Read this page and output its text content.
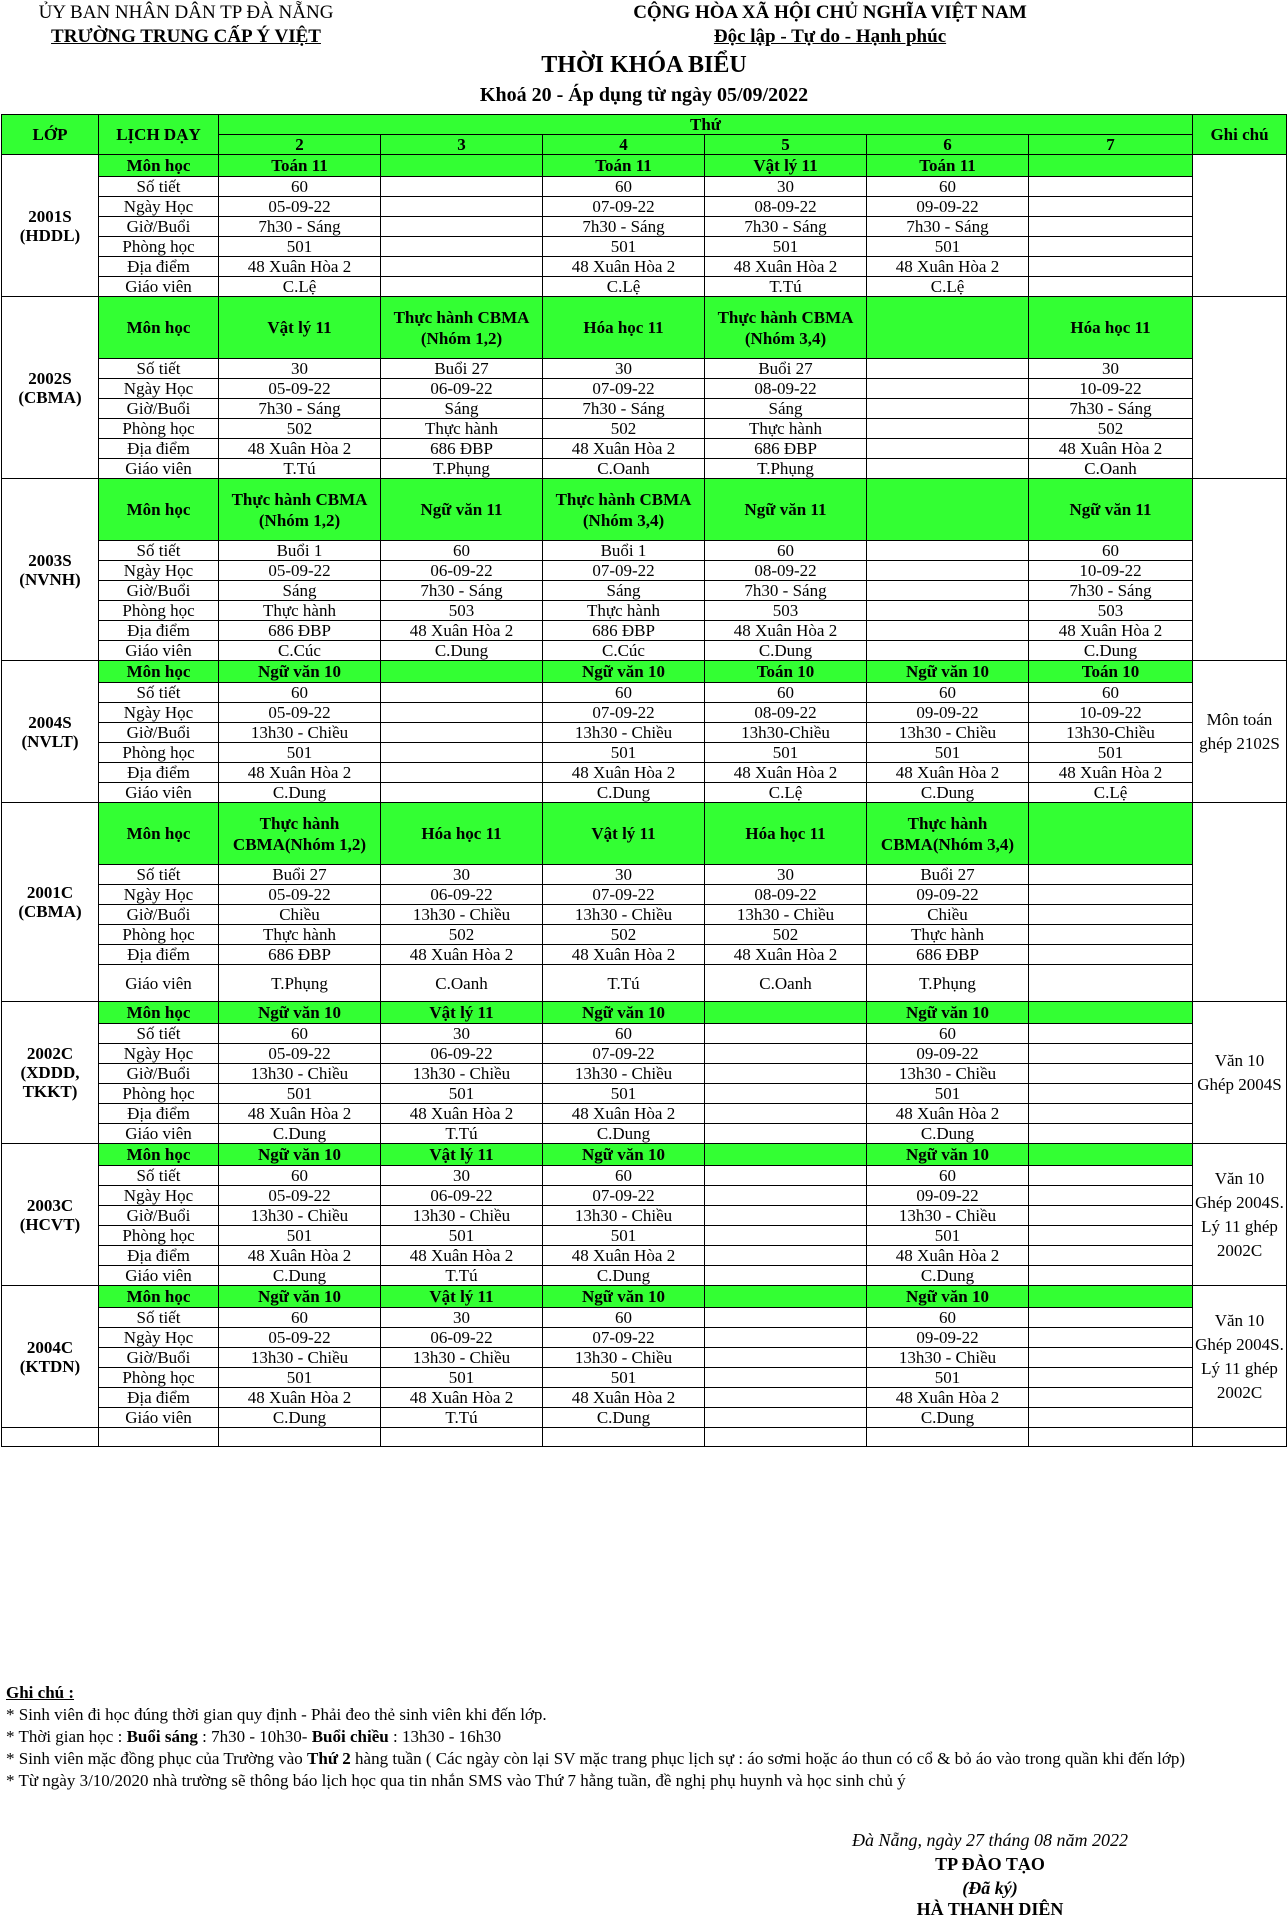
ỦY BAN NHÂN DÂN TP ĐÀ NẴNG
TRƯỜNG TRUNG CẤP Ý VIỆT
CỘNG HÒA XÃ HỘI CHỦ NGHĨA VIỆT NAM
Độc lập - Tự do - Hạnh phúc
THỜI KHÓA BIỂU
Khoá 20 - Áp dụng từ ngày 05/09/2022
LỚP	LỊCH DẠY	Thứ						Ghi chú
		2	3	4	5	6	7	
2001S (HDDL)	Môn học	Toán 11		Toán 11	Vật lý 11	Toán 11		
	Số tiết	60		60	30	60		
	Ngày Học	05-09-22		07-09-22	08-09-22	09-09-22		
	Giờ/Buổi	7h30 - Sáng		7h30 - Sáng	7h30 - Sáng	7h30 - Sáng		
	Phòng học	501		501	501	501		
	Địa điểm	48 Xuân Hòa 2		48 Xuân Hòa 2	48 Xuân Hòa 2	48 Xuân Hòa 2		
	Giáo viên	C.Lệ		C.Lệ	T.Tú	C.Lệ		
2002S (CBMA)	Môn học	Vật lý 11	Thực hành CBMA (Nhóm 1,2)	Hóa học 11	Thực hành CBMA (Nhóm 3,4)		Hóa học 11	
	Số tiết	30	Buổi 27	30	Buổi 27		30	
	Ngày Học	05-09-22	06-09-22	07-09-22	08-09-22		10-09-22	
	Giờ/Buổi	7h30 - Sáng	Sáng	7h30 - Sáng	Sáng		7h30 - Sáng	
	Phòng học	502	Thực hành	502	Thực hành		502	
	Địa điểm	48 Xuân Hòa 2	686 ĐBP	48 Xuân Hòa 2	686 ĐBP		48 Xuân Hòa 2	
	Giáo viên	T.Tú	T.Phụng	C.Oanh	T.Phụng		C.Oanh	
2003S (NVNH)	Môn học	Thực hành CBMA (Nhóm 1,2)	Ngữ văn 11	Thực hành CBMA (Nhóm 3,4)	Ngữ văn 11		Ngữ văn 11	
	Số tiết	Buổi 1	60	Buổi 1	60		60	
	Ngày Học	05-09-22	06-09-22	07-09-22	08-09-22		10-09-22	
	Giờ/Buổi	Sáng	7h30 - Sáng	Sáng	7h30 - Sáng		7h30 - Sáng	
	Phòng học	Thực hành	503	Thực hành	503		503	
	Địa điểm	686 ĐBP	48 Xuân Hòa 2	686 ĐBP	48 Xuân Hòa 2		48 Xuân Hòa 2	
	Giáo viên	C.Cúc	C.Dung	C.Cúc	C.Dung		C.Dung	
2004S (NVLT)	Môn học	Ngữ văn 10		Ngữ văn 10	Toán 10	Ngữ văn 10	Toán 10	Môn toán ghép 2102S
	Số tiết	60		60	60	60	60	
	Ngày Học	05-09-22		07-09-22	08-09-22	09-09-22	10-09-22	
	Giờ/Buổi	13h30 - Chiều		13h30 - Chiều	13h30-Chiều	13h30 - Chiều	13h30-Chiều	
	Phòng học	501		501	501	501	501	
	Địa điểm	48 Xuân Hòa 2		48 Xuân Hòa 2	48 Xuân Hòa 2	48 Xuân Hòa 2	48 Xuân Hòa 2	
	Giáo viên	C.Dung		C.Dung	C.Lệ	C.Dung	C.Lệ	
2001C (CBMA)	Môn học	Thực hành CBMA(Nhóm 1,2)	Hóa học 11	Vật lý 11	Hóa học 11	Thực hành CBMA(Nhóm 3,4)		
	Số tiết	Buổi 27	30	30	30	Buổi 27		
	Ngày Học	05-09-22	06-09-22	07-09-22	08-09-22	09-09-22		
	Giờ/Buổi	Chiều	13h30 - Chiều	13h30 - Chiều	13h30 - Chiều	Chiều		
	Phòng học	Thực hành	502	502	502	Thực hành		
	Địa điểm	686 ĐBP	48 Xuân Hòa 2	48 Xuân Hòa 2	48 Xuân Hòa 2	686 ĐBP		
	Giáo viên	T.Phụng	C.Oanh	T.Tú	C.Oanh	T.Phụng		
2002C (XDDD, TKKT)	Môn học	Ngữ văn 10	Vật lý 11	Ngữ văn 10		Ngữ văn 10		Văn 10 Ghép 2004S
	Số tiết	60	30	60		60		
	Ngày Học	05-09-22	06-09-22	07-09-22		09-09-22		
	Giờ/Buổi	13h30 - Chiều	13h30 - Chiều	13h30 - Chiều		13h30 - Chiều		
	Phòng học	501	501	501		501		
	Địa điểm	48 Xuân Hòa 2	48 Xuân Hòa 2	48 Xuân Hòa 2		48 Xuân Hòa 2		
	Giáo viên	C.Dung	T.Tú	C.Dung		C.Dung		
2003C (HCVT)	Môn học	Ngữ văn 10	Vật lý 11	Ngữ văn 10		Ngữ văn 10		Văn 10 Ghép 2004S. Lý 11 ghép 2002C
	Số tiết	60	30	60		60		
	Ngày Học	05-09-22	06-09-22	07-09-22		09-09-22		
	Giờ/Buổi	13h30 - Chiều	13h30 - Chiều	13h30 - Chiều		13h30 - Chiều		
	Phòng học	501	501	501		501		
	Địa điểm	48 Xuân Hòa 2	48 Xuân Hòa 2	48 Xuân Hòa 2		48 Xuân Hòa 2		
	Giáo viên	C.Dung	T.Tú	C.Dung		C.Dung		
2004C (KTDN)	Môn học	Ngữ văn 10	Vật lý 11	Ngữ văn 10		Ngữ văn 10		Văn 10 Ghép 2004S. Lý 11 ghép 2002C
	Số tiết	60	30	60		60		
	Ngày Học	05-09-22	06-09-22	07-09-22		09-09-22		
	Giờ/Buổi	13h30 - Chiều	13h30 - Chiều	13h30 - Chiều		13h30 - Chiều		
	Phòng học	501	501	501		501		
	Địa điểm	48 Xuân Hòa 2	48 Xuân Hòa 2	48 Xuân Hòa 2		48 Xuân Hòa 2		
	Giáo viên	C.Dung	T.Tú	C.Dung		C.Dung		

Ghi chú :
* Sinh viên đi học đúng thời gian quy định - Phải đeo thẻ sinh viên khi đến lớp.
* Thời gian học : Buổi sáng : 7h30 - 10h30- Buổi chiều : 13h30 - 16h30
* Sinh viên mặc đồng phục của Trường vào Thứ 2 hàng tuần ( Các ngày còn lại SV mặc trang phục lịch sự : áo sơmi hoặc áo thun có cổ & bỏ áo vào trong quần khi đến lớp)
* Từ ngày 3/10/2020 nhà trường sẽ thông báo lịch học qua tin nhắn SMS vào Thứ 7 hằng tuần, đề nghị phụ huynh và học sinh chủ ý
Đà Nẵng, ngày 27 tháng 08 năm 2022
TP ĐÀO TẠO
(Đã ký)
HÀ THANH DIÊN
